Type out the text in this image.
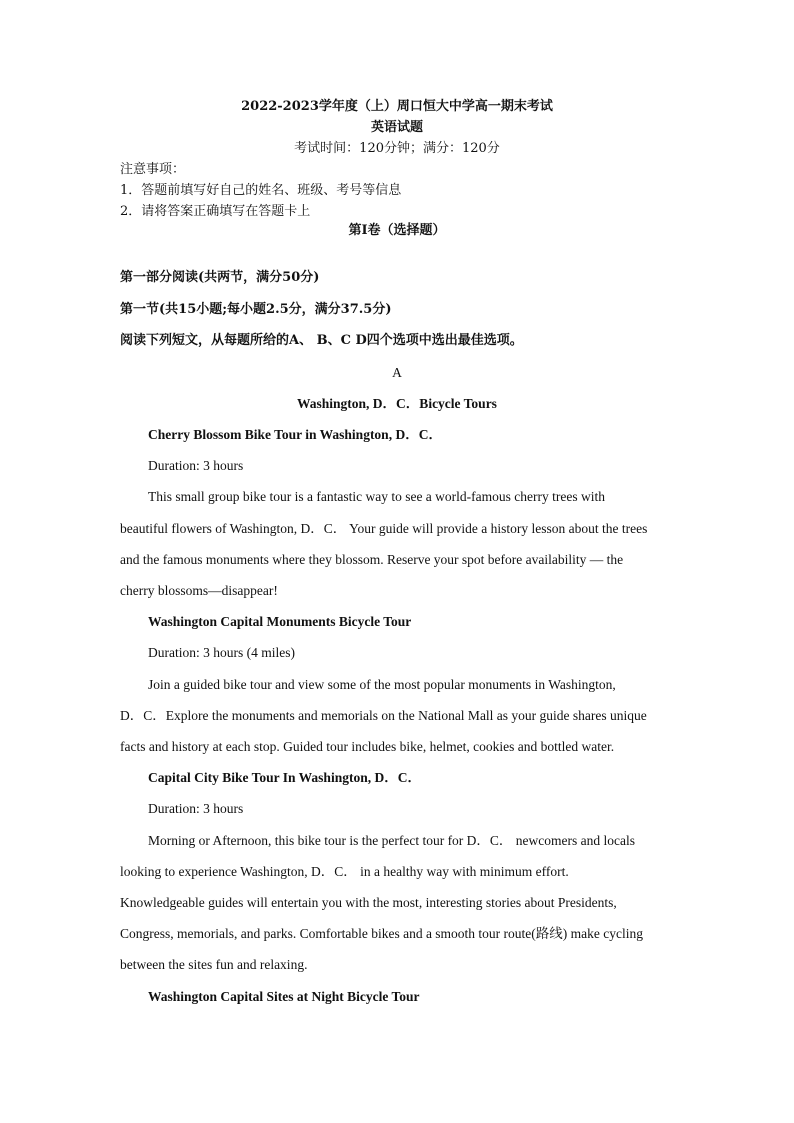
2022-2023学年度（上）周口恒大中学高一期末考试
英语试题
考试时间：120分钟；满分：120分
注意事项：
1．答题前填写好自己的姓名、班级、考号等信息
2．请将答案正确填写在答题卡上
第Ⅰ卷（选择题）
第一部分阅读(共两节，满分50分)
第一节(共15小题;每小题2.5分，满分37.5分)
阅读下列短文，从每题所给的A、 B、C D四个选项中选出最佳选项。
A
Washington, D．C．Bicycle Tours
Cherry Blossom Bike Tour in Washington, D．C．
Duration: 3 hours
This small group bike tour is a fantastic way to see a world-famous cherry trees with
beautiful flowers of Washington, D．C． Your guide will provide a history lesson about the trees
and the famous monuments where they blossom. Reserve your spot before availability — the
cherry blossoms—disappear!
Washington Capital Monuments Bicycle Tour
Duration: 3 hours (4 miles)
Join a guided bike tour and view some of the most popular monuments in Washington,
D．C．Explore the monuments and memorials on the National Mall as your guide shares unique
facts and history at each stop. Guided tour includes bike, helmet, cookies and bottled water.
Capital City Bike Tour In Washington, D．C．
Duration: 3 hours
Morning or Afternoon, this bike tour is the perfect tour for D．C． newcomers and locals
looking to experience Washington, D．C． in a healthy way with minimum effort.
Knowledgeable guides will entertain you with the most, interesting stories about Presidents,
Congress, memorials, and parks. Comfortable bikes and a smooth tour route(路线) make cycling
between the sites fun and relaxing.
Washington Capital Sites at Night Bicycle Tour
